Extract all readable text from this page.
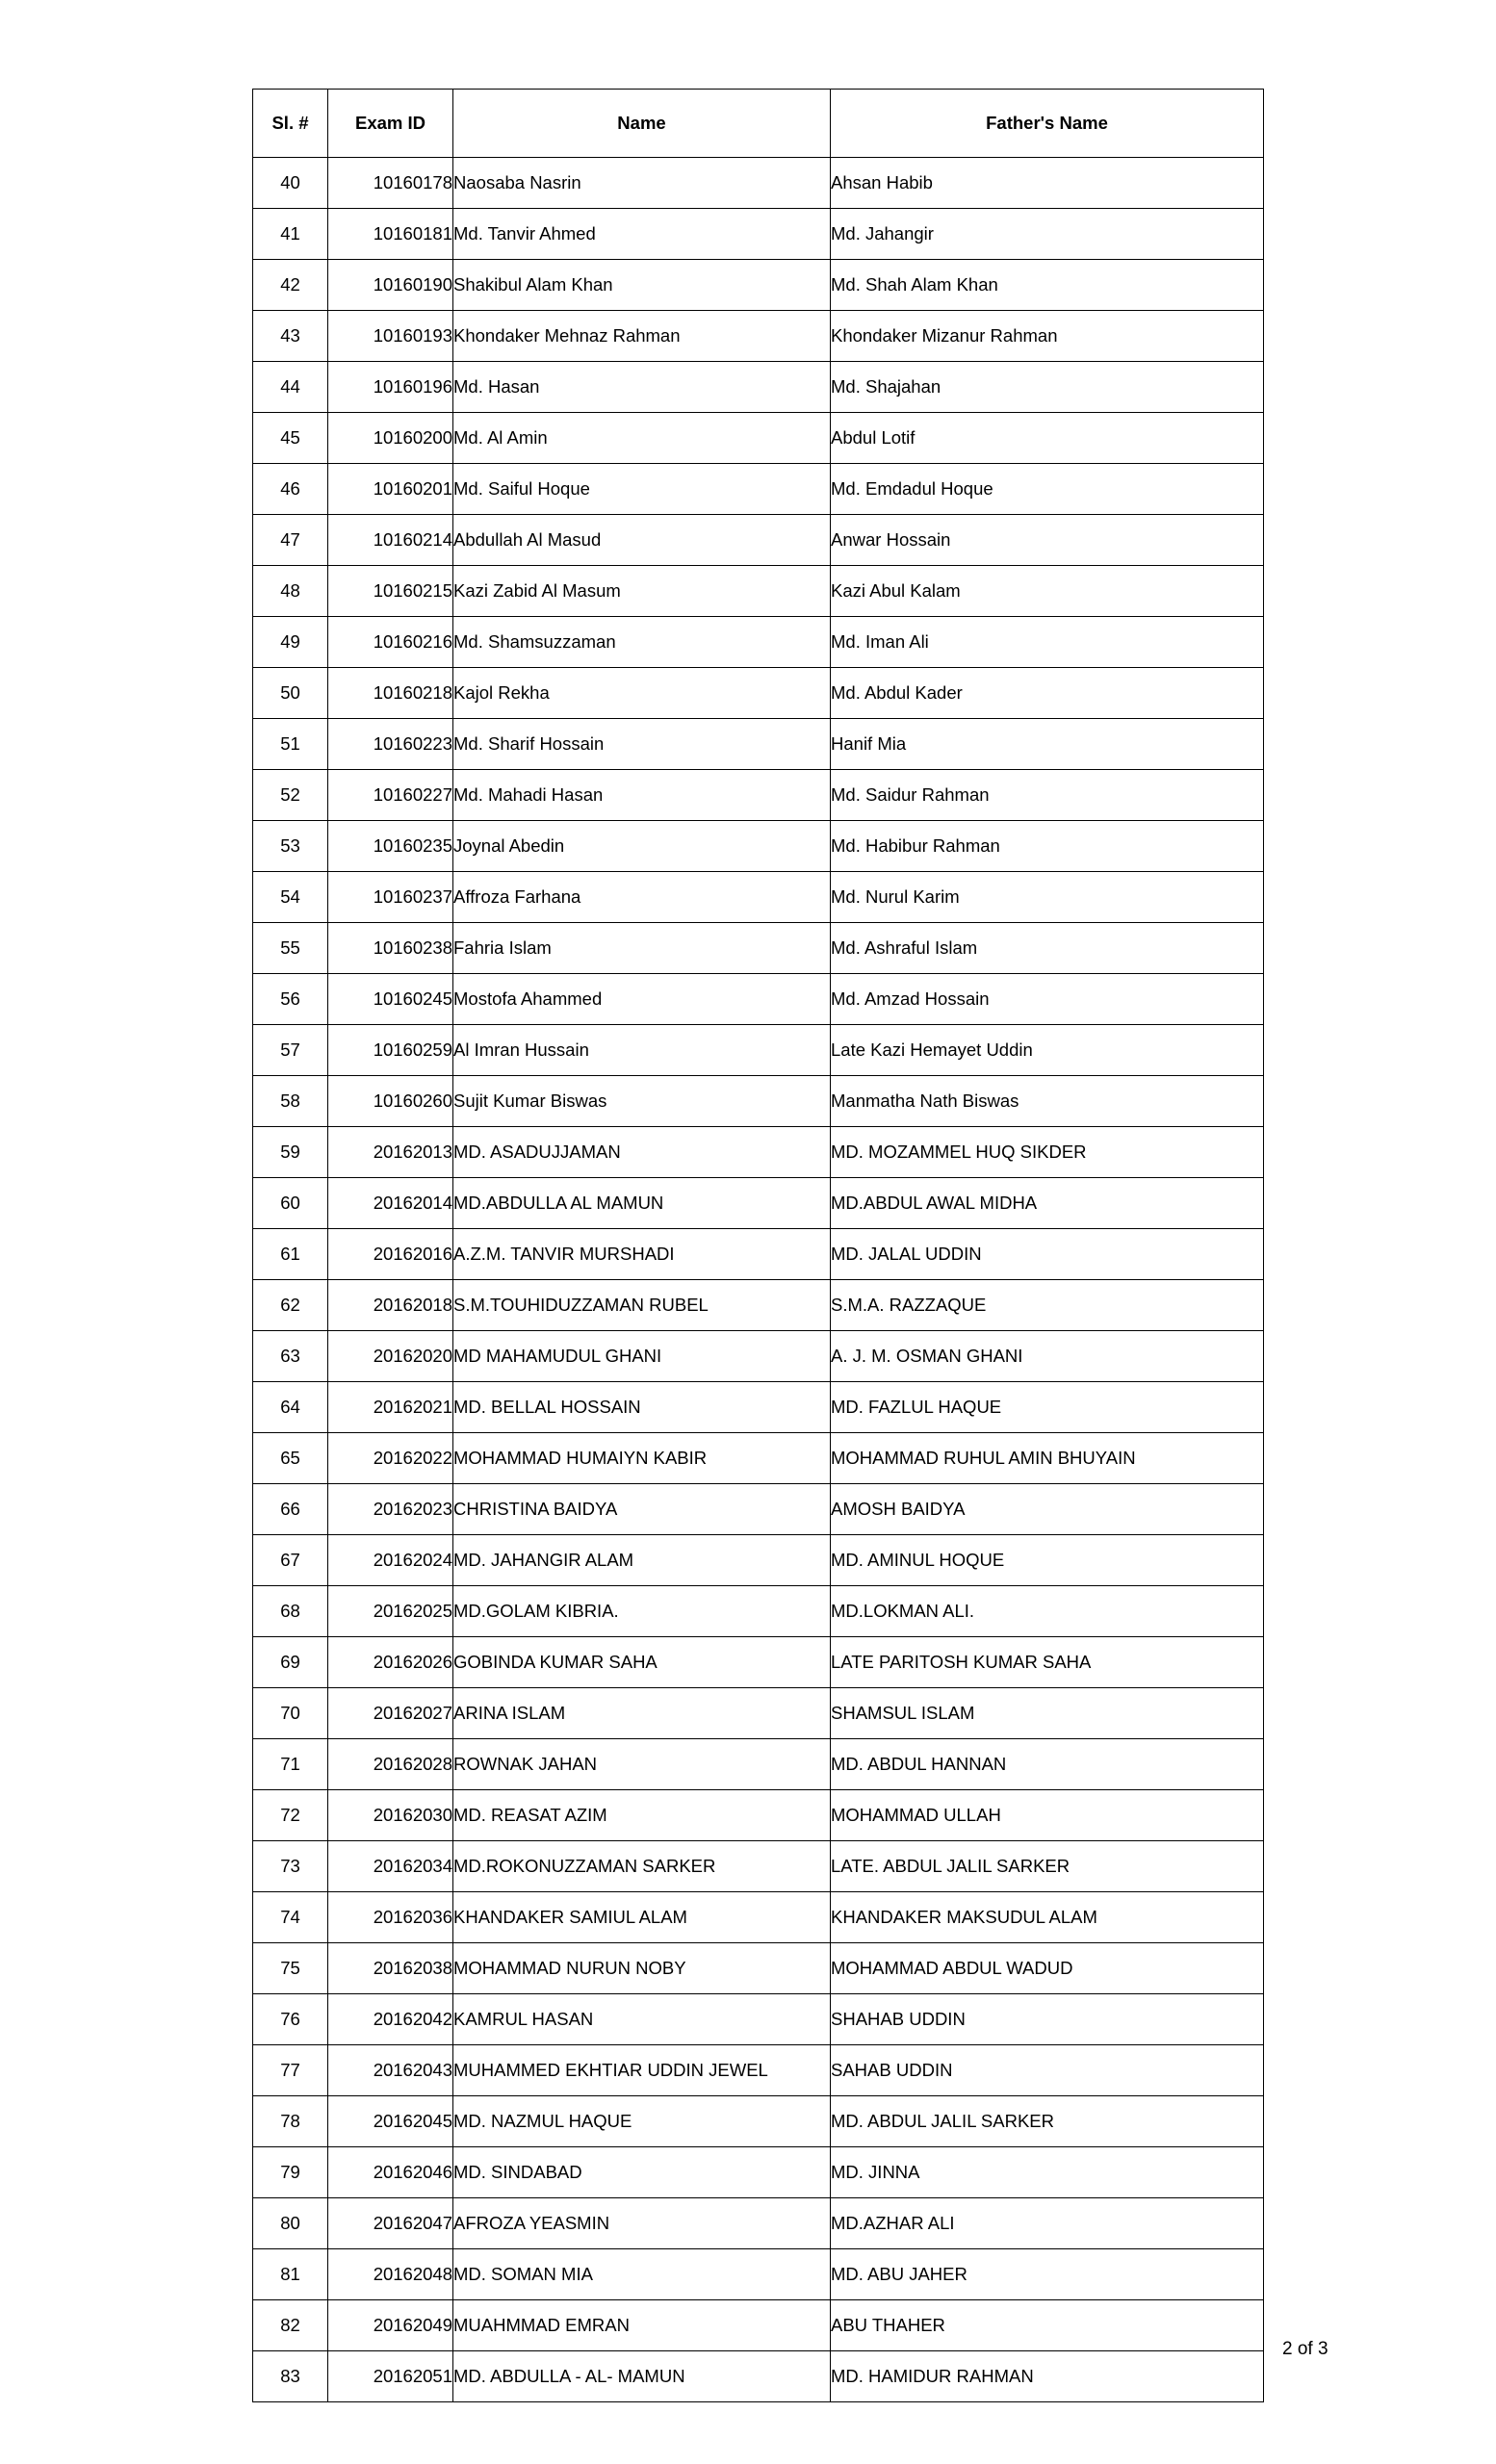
Sl. #	Exam ID	Name	Father's Name
40	10160178	Naosaba Nasrin	Ahsan Habib
41	10160181	Md. Tanvir Ahmed	Md. Jahangir
42	10160190	Shakibul Alam Khan	Md. Shah Alam Khan
43	10160193	Khondaker Mehnaz Rahman	Khondaker Mizanur Rahman
44	10160196	Md. Hasan	Md. Shajahan
45	10160200	Md. Al Amin	Abdul Lotif
46	10160201	Md. Saiful Hoque	Md. Emdadul Hoque
47	10160214	Abdullah Al Masud	Anwar Hossain
48	10160215	Kazi Zabid Al Masum	Kazi Abul Kalam
49	10160216	Md. Shamsuzzaman	Md. Iman Ali
50	10160218	Kajol Rekha	Md. Abdul Kader
51	10160223	Md. Sharif Hossain	Hanif Mia
52	10160227	Md. Mahadi Hasan	Md. Saidur Rahman
53	10160235	Joynal Abedin	Md. Habibur Rahman
54	10160237	Affroza Farhana	Md. Nurul Karim
55	10160238	Fahria Islam	Md. Ashraful Islam
56	10160245	Mostofa Ahammed	Md. Amzad Hossain
57	10160259	Al Imran Hussain	Late Kazi Hemayet Uddin
58	10160260	Sujit Kumar Biswas	Manmatha Nath Biswas
59	20162013	MD. ASADUJJAMAN	MD. MOZAMMEL HUQ SIKDER
60	20162014	MD.ABDULLA AL MAMUN	MD.ABDUL AWAL MIDHA
61	20162016	A.Z.M. TANVIR MURSHADI	MD. JALAL UDDIN
62	20162018	S.M.TOUHIDUZZAMAN RUBEL	S.M.A. RAZZAQUE
63	20162020	MD MAHAMUDUL GHANI	A. J. M. OSMAN GHANI
64	20162021	MD. BELLAL HOSSAIN	MD. FAZLUL HAQUE
65	20162022	MOHAMMAD HUMAIYN KABIR	MOHAMMAD RUHUL AMIN BHUYAIN
66	20162023	CHRISTINA BAIDYA	AMOSH BAIDYA
67	20162024	MD. JAHANGIR ALAM	MD. AMINUL HOQUE
68	20162025	MD.GOLAM KIBRIA.	MD.LOKMAN ALI.
69	20162026	GOBINDA KUMAR SAHA	LATE PARITOSH KUMAR SAHA
70	20162027	ARINA ISLAM	SHAMSUL ISLAM
71	20162028	ROWNAK JAHAN	MD. ABDUL HANNAN
72	20162030	MD. REASAT AZIM	MOHAMMAD ULLAH
73	20162034	MD.ROKONUZZAMAN SARKER	LATE. ABDUL JALIL SARKER
74	20162036	KHANDAKER SAMIUL ALAM	KHANDAKER MAKSUDUL ALAM
75	20162038	MOHAMMAD NURUN NOBY	MOHAMMAD ABDUL WADUD
76	20162042	KAMRUL HASAN	SHAHAB UDDIN
77	20162043	MUHAMMED EKHTIAR UDDIN JEWEL	SAHAB UDDIN
78	20162045	MD. NAZMUL HAQUE	MD. ABDUL JALIL SARKER
79	20162046	MD. SINDABAD	MD. JINNA
80	20162047	AFROZA YEASMIN	MD.AZHAR ALI
81	20162048	MD. SOMAN MIA	MD. ABU JAHER
82	20162049	MUAHMMAD EMRAN	ABU THAHER
83	20162051	MD. ABDULLA - AL- MAMUN	MD. HAMIDUR RAHMAN
2 of 3
